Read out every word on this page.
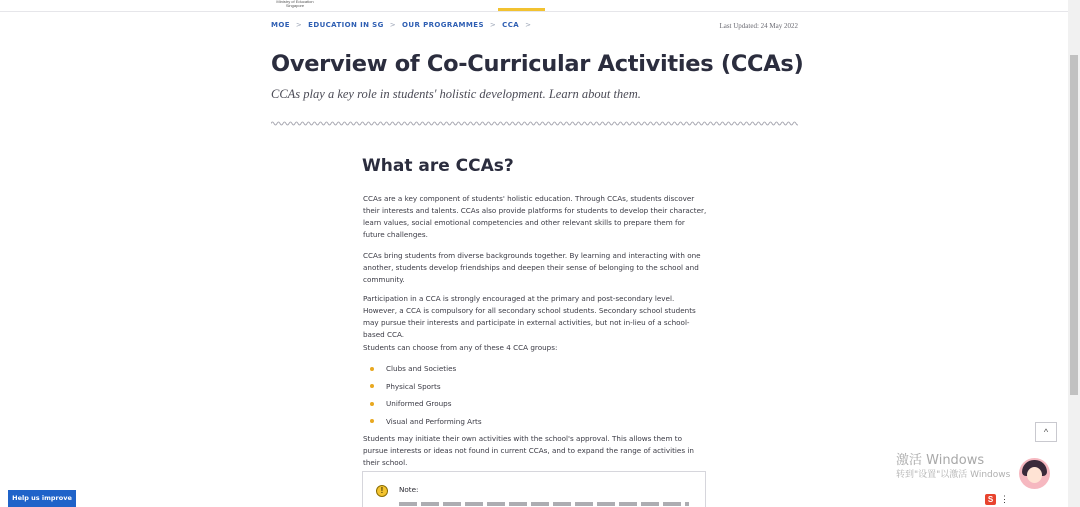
Ministry of Education Singapore
MOE > EDUCATION IN SG > OUR PROGRAMMES > CCA >	Last Updated: 24 May 2022
Overview of Co-Curricular Activities (CCAs)

CCAs play a key role in students' holistic development. Learn about them.

What are CCAs?

CCAs are a key component of students' holistic education. Through CCAs, students discover their interests and talents. CCAs also provide platforms for students to develop their character, learn values, social emotional competencies and other relevant skills to prepare them for future challenges.

CCAs bring students from diverse backgrounds together. By learning and interacting with one another, students develop friendships and deepen their sense of belonging to the school and community.

Participation in a CCA is strongly encouraged at the primary and post-secondary level. However, a CCA is compulsory for all secondary school students. Secondary school students may pursue their interests and participate in external activities, but not in-lieu of a school-based CCA.

Students can choose from any of these 4 CCA groups:

Clubs and Societies
Physical Sports
Uniformed Groups
Visual and Performing Arts

Students may initiate their own activities with the school's approval. This allows them to pursue interests or ideas not found in current CCAs, and to expand the range of activities in their school.

!	Note:
^
Help us improve
激活 Windows
转到"设置"以激活 Windows
S ⋮
